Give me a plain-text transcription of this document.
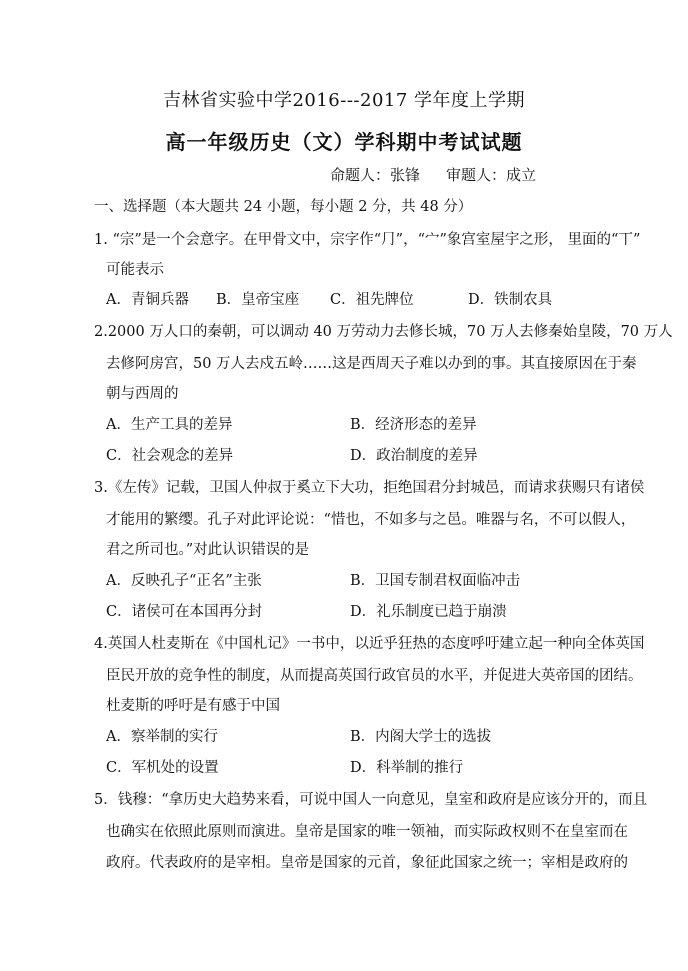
吉林省实验中学2016---2017 学年度上学期
高一年级历史（文）学科期中考试试题
命题人：张锋 审题人：成立
一、选择题（本大题共 24 小题，每小题 2 分，共 48 分）
1. “宗”是一个会意字。在甲骨文中，宗字作“⺆”，“宀”象宫室屋宇之形， 里面的“丅”
可能表示
A．青铜兵器 B．皇帝宝座 C．祖先牌位	D．铁制农具
2.2000 万人口的秦朝，可以调动 40 万劳动力去修长城，70 万人去修秦始皇陵，70 万人
去修阿房宫，50 万人去戍五岭……这是西周天子难以办到的事。其直接原因在于秦
朝与西周的
A．生产工具的差异	B．经济形态的差异
C．社会观念的差异	D．政治制度的差异
3.《左传》记载，卫国人仲叔于奚立下大功，拒绝国君分封城邑，而请求获赐只有诸侯
才能用的繁缨。孔子对此评论说：“惜也，不如多与之邑。唯器与名，不可以假人，
君之所司也。”对此认识错误的是
A．反映孔子“正名”主张	B．卫国专制君权面临冲击
C．诸侯可在本国再分封	D．礼乐制度已趋于崩溃
4.英国人杜麦斯在《中国札记》一书中，以近乎狂热的态度呼吁建立起一种向全体英国
臣民开放的竞争性的制度，从而提高英国行政官员的水平，并促进大英帝国的团结。
杜麦斯的呼吁是有感于中国
A．察举制的实行	B．内阁大学士的选拔
C．军机处的设置	D．科举制的推行
5．钱穆：“拿历史大趋势来看，可说中国人一向意见，皇室和政府是应该分开的，而且
也确实在依照此原则而演进。皇帝是国家的唯一领袖，而实际政权则不在皇室而在
政府。代表政府的是宰相。皇帝是国家的元首，象征此国家之统一；宰相是政府的
